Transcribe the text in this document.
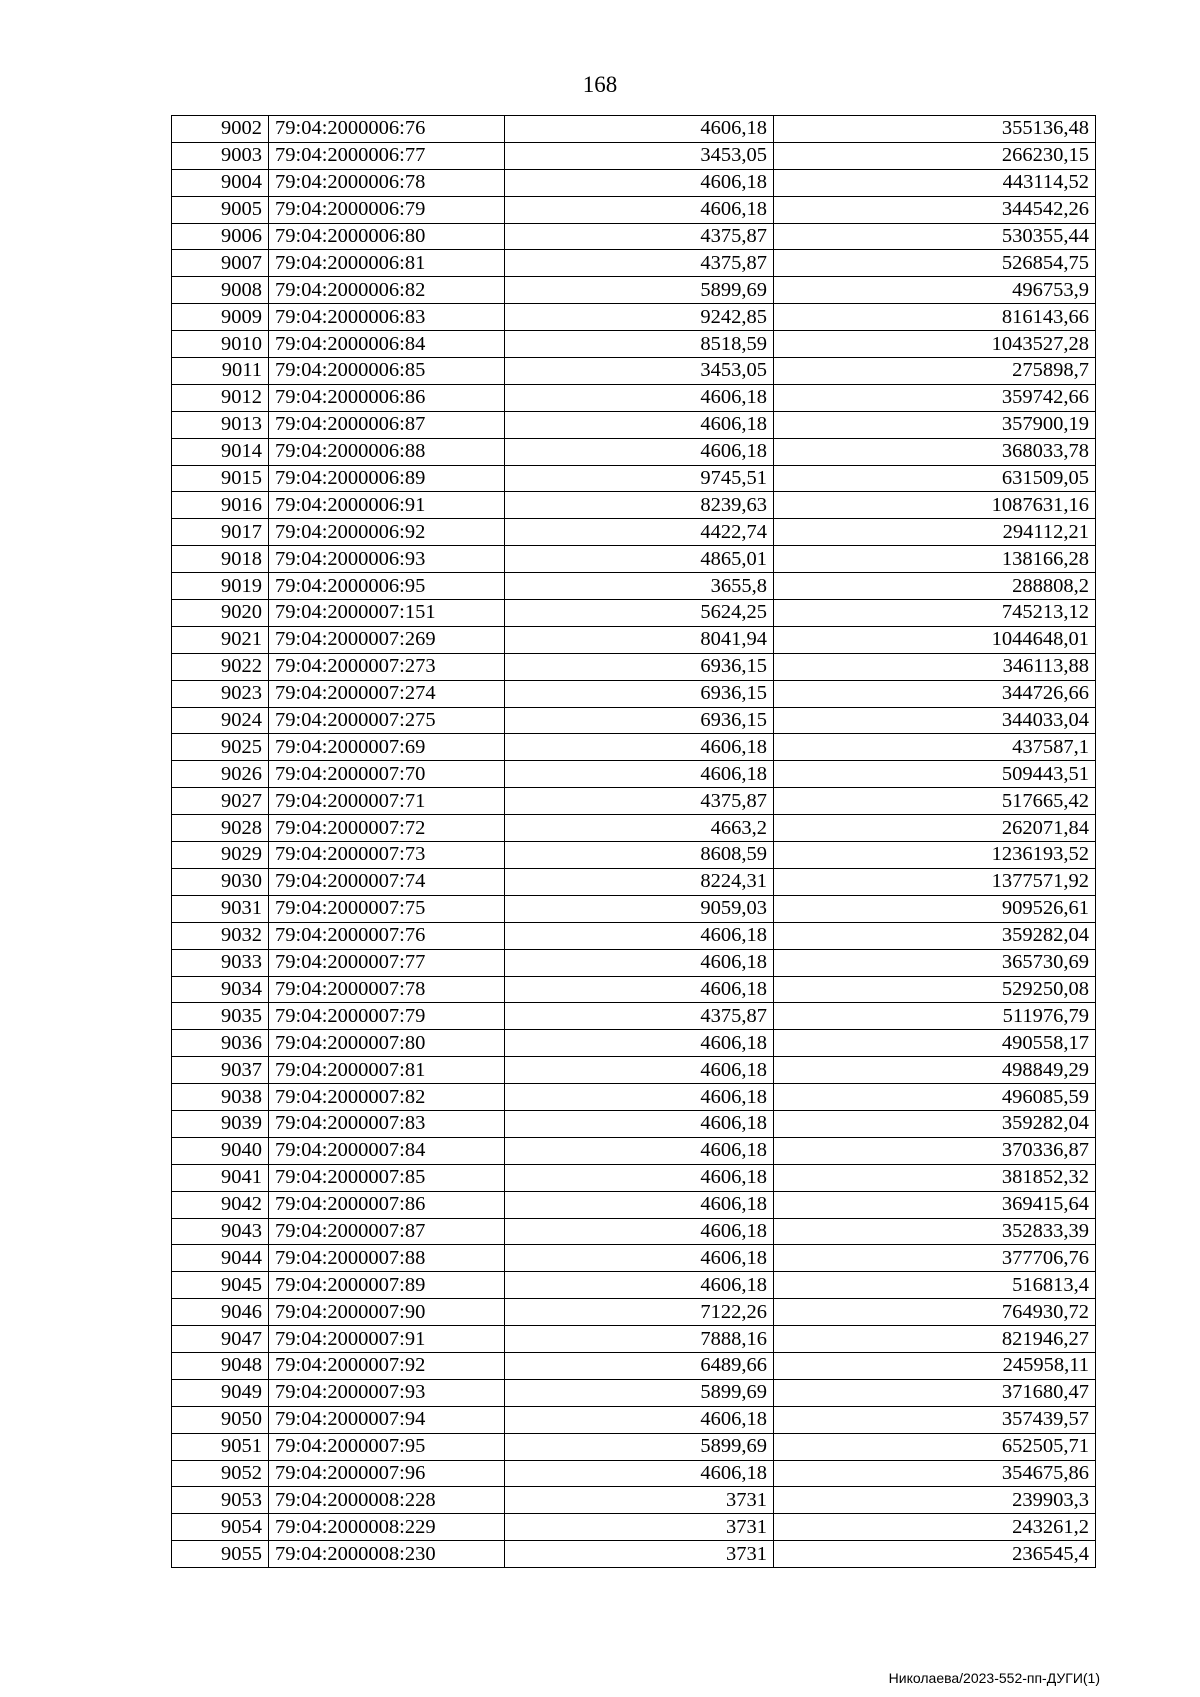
168
9002	79:04:2000006:76	4606,18	355136,48
9003	79:04:2000006:77	3453,05	266230,15
9004	79:04:2000006:78	4606,18	443114,52
9005	79:04:2000006:79	4606,18	344542,26
9006	79:04:2000006:80	4375,87	530355,44
9007	79:04:2000006:81	4375,87	526854,75
9008	79:04:2000006:82	5899,69	496753,9
9009	79:04:2000006:83	9242,85	816143,66
9010	79:04:2000006:84	8518,59	1043527,28
9011	79:04:2000006:85	3453,05	275898,7
9012	79:04:2000006:86	4606,18	359742,66
9013	79:04:2000006:87	4606,18	357900,19
9014	79:04:2000006:88	4606,18	368033,78
9015	79:04:2000006:89	9745,51	631509,05
9016	79:04:2000006:91	8239,63	1087631,16
9017	79:04:2000006:92	4422,74	294112,21
9018	79:04:2000006:93	4865,01	138166,28
9019	79:04:2000006:95	3655,8	288808,2
9020	79:04:2000007:151	5624,25	745213,12
9021	79:04:2000007:269	8041,94	1044648,01
9022	79:04:2000007:273	6936,15	346113,88
9023	79:04:2000007:274	6936,15	344726,66
9024	79:04:2000007:275	6936,15	344033,04
9025	79:04:2000007:69	4606,18	437587,1
9026	79:04:2000007:70	4606,18	509443,51
9027	79:04:2000007:71	4375,87	517665,42
9028	79:04:2000007:72	4663,2	262071,84
9029	79:04:2000007:73	8608,59	1236193,52
9030	79:04:2000007:74	8224,31	1377571,92
9031	79:04:2000007:75	9059,03	909526,61
9032	79:04:2000007:76	4606,18	359282,04
9033	79:04:2000007:77	4606,18	365730,69
9034	79:04:2000007:78	4606,18	529250,08
9035	79:04:2000007:79	4375,87	511976,79
9036	79:04:2000007:80	4606,18	490558,17
9037	79:04:2000007:81	4606,18	498849,29
9038	79:04:2000007:82	4606,18	496085,59
9039	79:04:2000007:83	4606,18	359282,04
9040	79:04:2000007:84	4606,18	370336,87
9041	79:04:2000007:85	4606,18	381852,32
9042	79:04:2000007:86	4606,18	369415,64
9043	79:04:2000007:87	4606,18	352833,39
9044	79:04:2000007:88	4606,18	377706,76
9045	79:04:2000007:89	4606,18	516813,4
9046	79:04:2000007:90	7122,26	764930,72
9047	79:04:2000007:91	7888,16	821946,27
9048	79:04:2000007:92	6489,66	245958,11
9049	79:04:2000007:93	5899,69	371680,47
9050	79:04:2000007:94	4606,18	357439,57
9051	79:04:2000007:95	5899,69	652505,71
9052	79:04:2000007:96	4606,18	354675,86
9053	79:04:2000008:228	3731	239903,3
9054	79:04:2000008:229	3731	243261,2
9055	79:04:2000008:230	3731	236545,4
Николаева/2023-552-пп-ДУГИ(1)
